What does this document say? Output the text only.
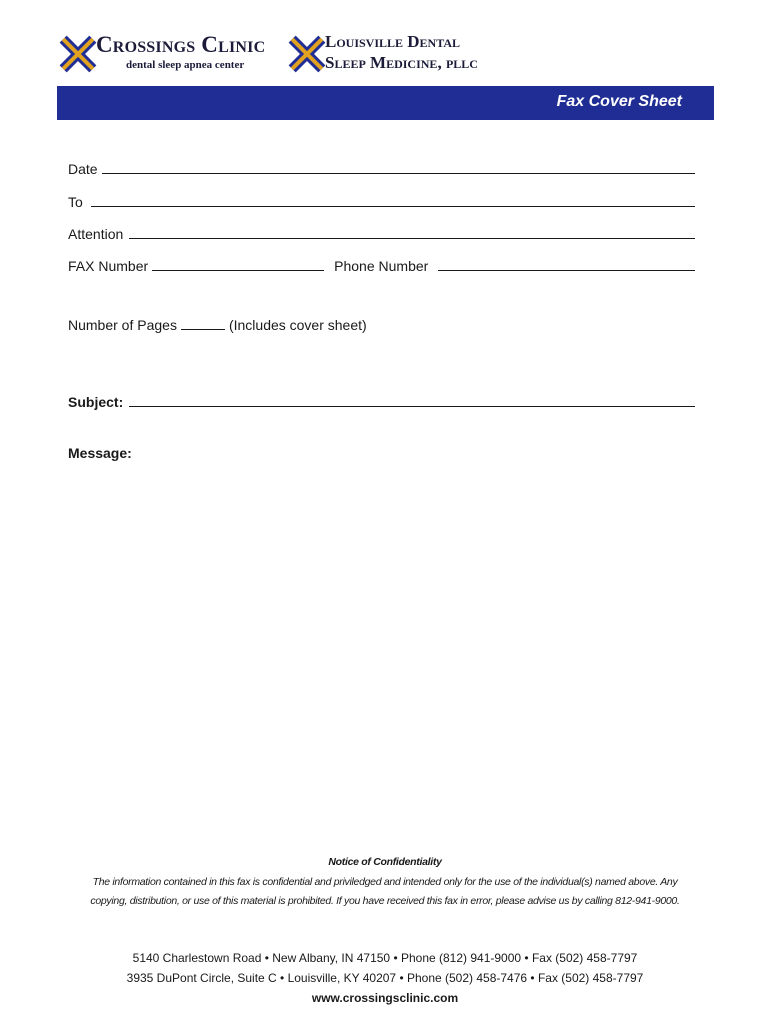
Crossings Clinic
dental sleep apnea center
Louisville Dental
Sleep Medicine, pllc
Fax Cover Sheet
Date
To
Attention
FAX Number	Phone Number
Number of Pages	(Includes cover sheet)
Subject:
Message:
Notice of Confidentiality
The information contained in this fax is confidential and priviledged and intended only for the use of the individual(s) named above. Any
copying, distribution, or use of this material is prohibited. If you have received this fax in error, please advise us by calling 812-941-9000.
5140 Charlestown Road • New Albany, IN 47150 • Phone (812) 941-9000 • Fax (502) 458-7797
3935 DuPont Circle, Suite C • Louisville, KY 40207 • Phone (502) 458-7476 • Fax (502) 458-7797
www.crossingsclinic.com
